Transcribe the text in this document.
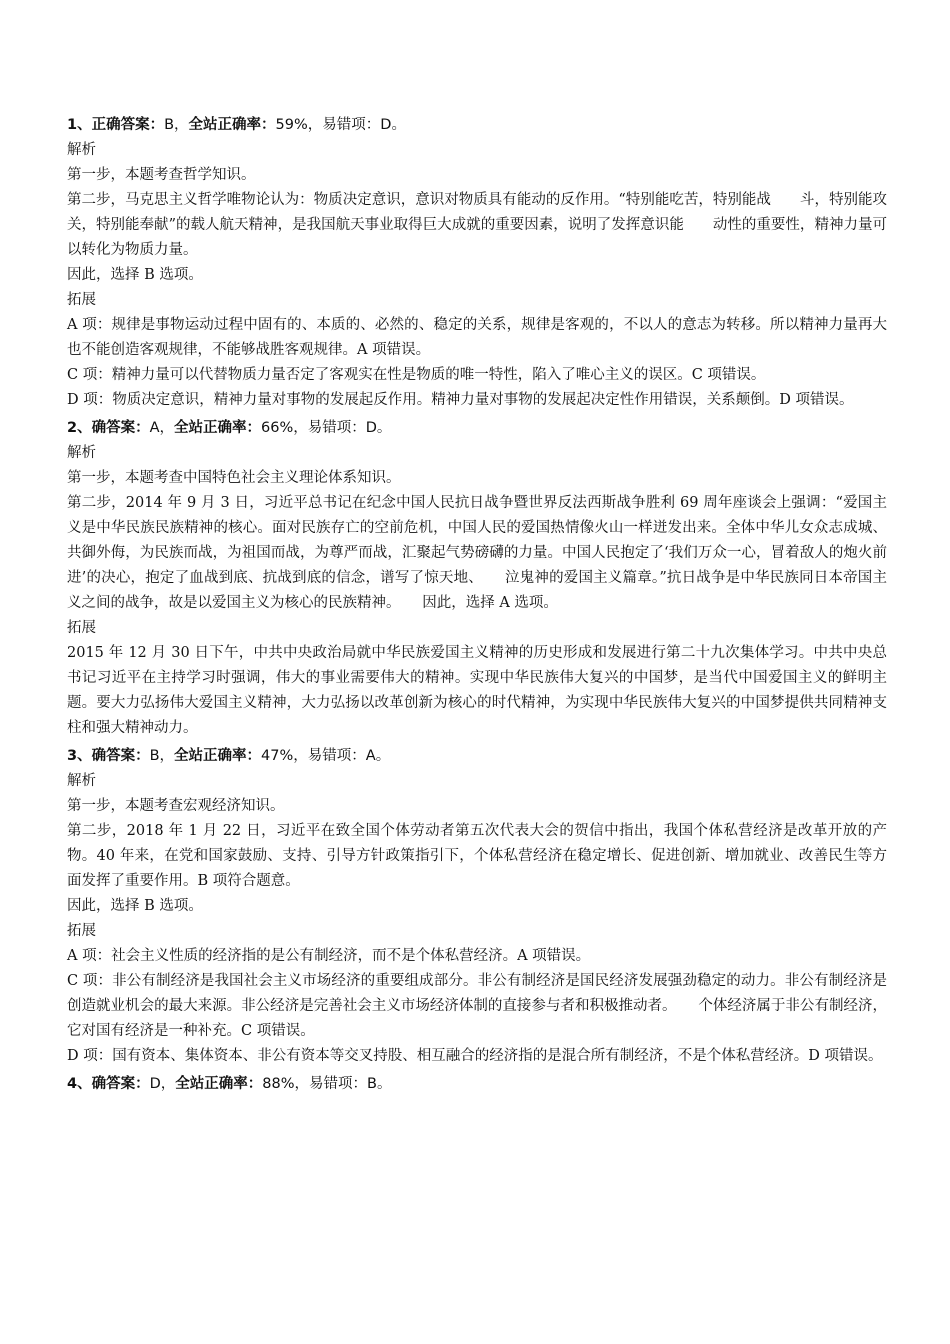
1、正确答案：B，全站正确率：59%，易错项：D。
解析
第一步，本题考查哲学知识。
第二步，马克思主义哲学唯物论认为：物质决定意识，意识对物质具有能动的反作用。“特别能吃苦，特别能战　　斗，特别能攻关，特别能奉献”的载人航天精神，是我国航天事业取得巨大成就的重要因素，说明了发挥意识能　　动性的重要性，精神力量可以转化为物质力量。
因此，选择 B 选项。
拓展
A 项：规律是事物运动过程中固有的、本质的、必然的、稳定的关系，规律是客观的，不以人的意志为转移。所以精神力量再大也不能创造客观规律，不能够战胜客观规律。A 项错误。
C 项：精神力量可以代替物质力量否定了客观实在性是物质的唯一特性，陷入了唯心主义的误区。C 项错误。
D 项：物质决定意识，精神力量对事物的发展起反作用。精神力量对事物的发展起决定性作用错误，关系颠倒。D 项错误。
2、确答案：A，全站正确率：66%，易错项：D。
解析
第一步，本题考查中国特色社会主义理论体系知识。
第二步，2014 年 9 月 3 日，习近平总书记在纪念中国人民抗日战争暨世界反法西斯战争胜利 69 周年座谈会上强调：“爱国主义是中华民族民族精神的核心。面对民族存亡的空前危机，中国人民的爱国热情像火山一样迸发出来。全体中华儿女众志成城、共御外侮，为民族而战，为祖国而战，为尊严而战，汇聚起气势磅礴的力量。中国人民抱定了‘我们万众一心，冒着敌人的炮火前进’的决心，抱定了血战到底、抗战到底的信念，谱写了惊天地、　　泣鬼神的爱国主义篇章。”抗日战争是中华民族同日本帝国主义之间的战争，故是以爱国主义为核心的民族精神。　　因此，选择 A 选项。
拓展
2015 年 12 月 30 日下午，中共中央政治局就中华民族爱国主义精神的历史形成和发展进行第二十九次集体学习。中共中央总书记习近平在主持学习时强调，伟大的事业需要伟大的精神。实现中华民族伟大复兴的中国梦，是当代中国爱国主义的鲜明主题。要大力弘扬伟大爱国主义精神，大力弘扬以改革创新为核心的时代精神，为实现中华民族伟大复兴的中国梦提供共同精神支柱和强大精神动力。
3、确答案：B，全站正确率：47%，易错项：A。
解析
第一步，本题考查宏观经济知识。
第二步，2018 年 1 月 22 日，习近平在致全国个体劳动者第五次代表大会的贺信中指出，我国个体私营经济是改革开放的产物。40 年来，在党和国家鼓励、支持、引导方针政策指引下，个体私营经济在稳定增长、促进创新、增加就业、改善民生等方面发挥了重要作用。B 项符合题意。
因此，选择 B 选项。
拓展
A 项：社会主义性质的经济指的是公有制经济，而不是个体私营经济。A 项错误。
C 项：非公有制经济是我国社会主义市场经济的重要组成部分。非公有制经济是国民经济发展强劲稳定的动力。非公有制经济是创造就业机会的最大来源。非公经济是完善社会主义市场经济体制的直接参与者和积极推动者。　　个体经济属于非公有制经济，它对国有经济是一种补充。C 项错误。
D 项：国有资本、集体资本、非公有资本等交叉持股、相互融合的经济指的是混合所有制经济，不是个体私营经济。D 项错误。
4、确答案：D，全站正确率：88%，易错项：B。
